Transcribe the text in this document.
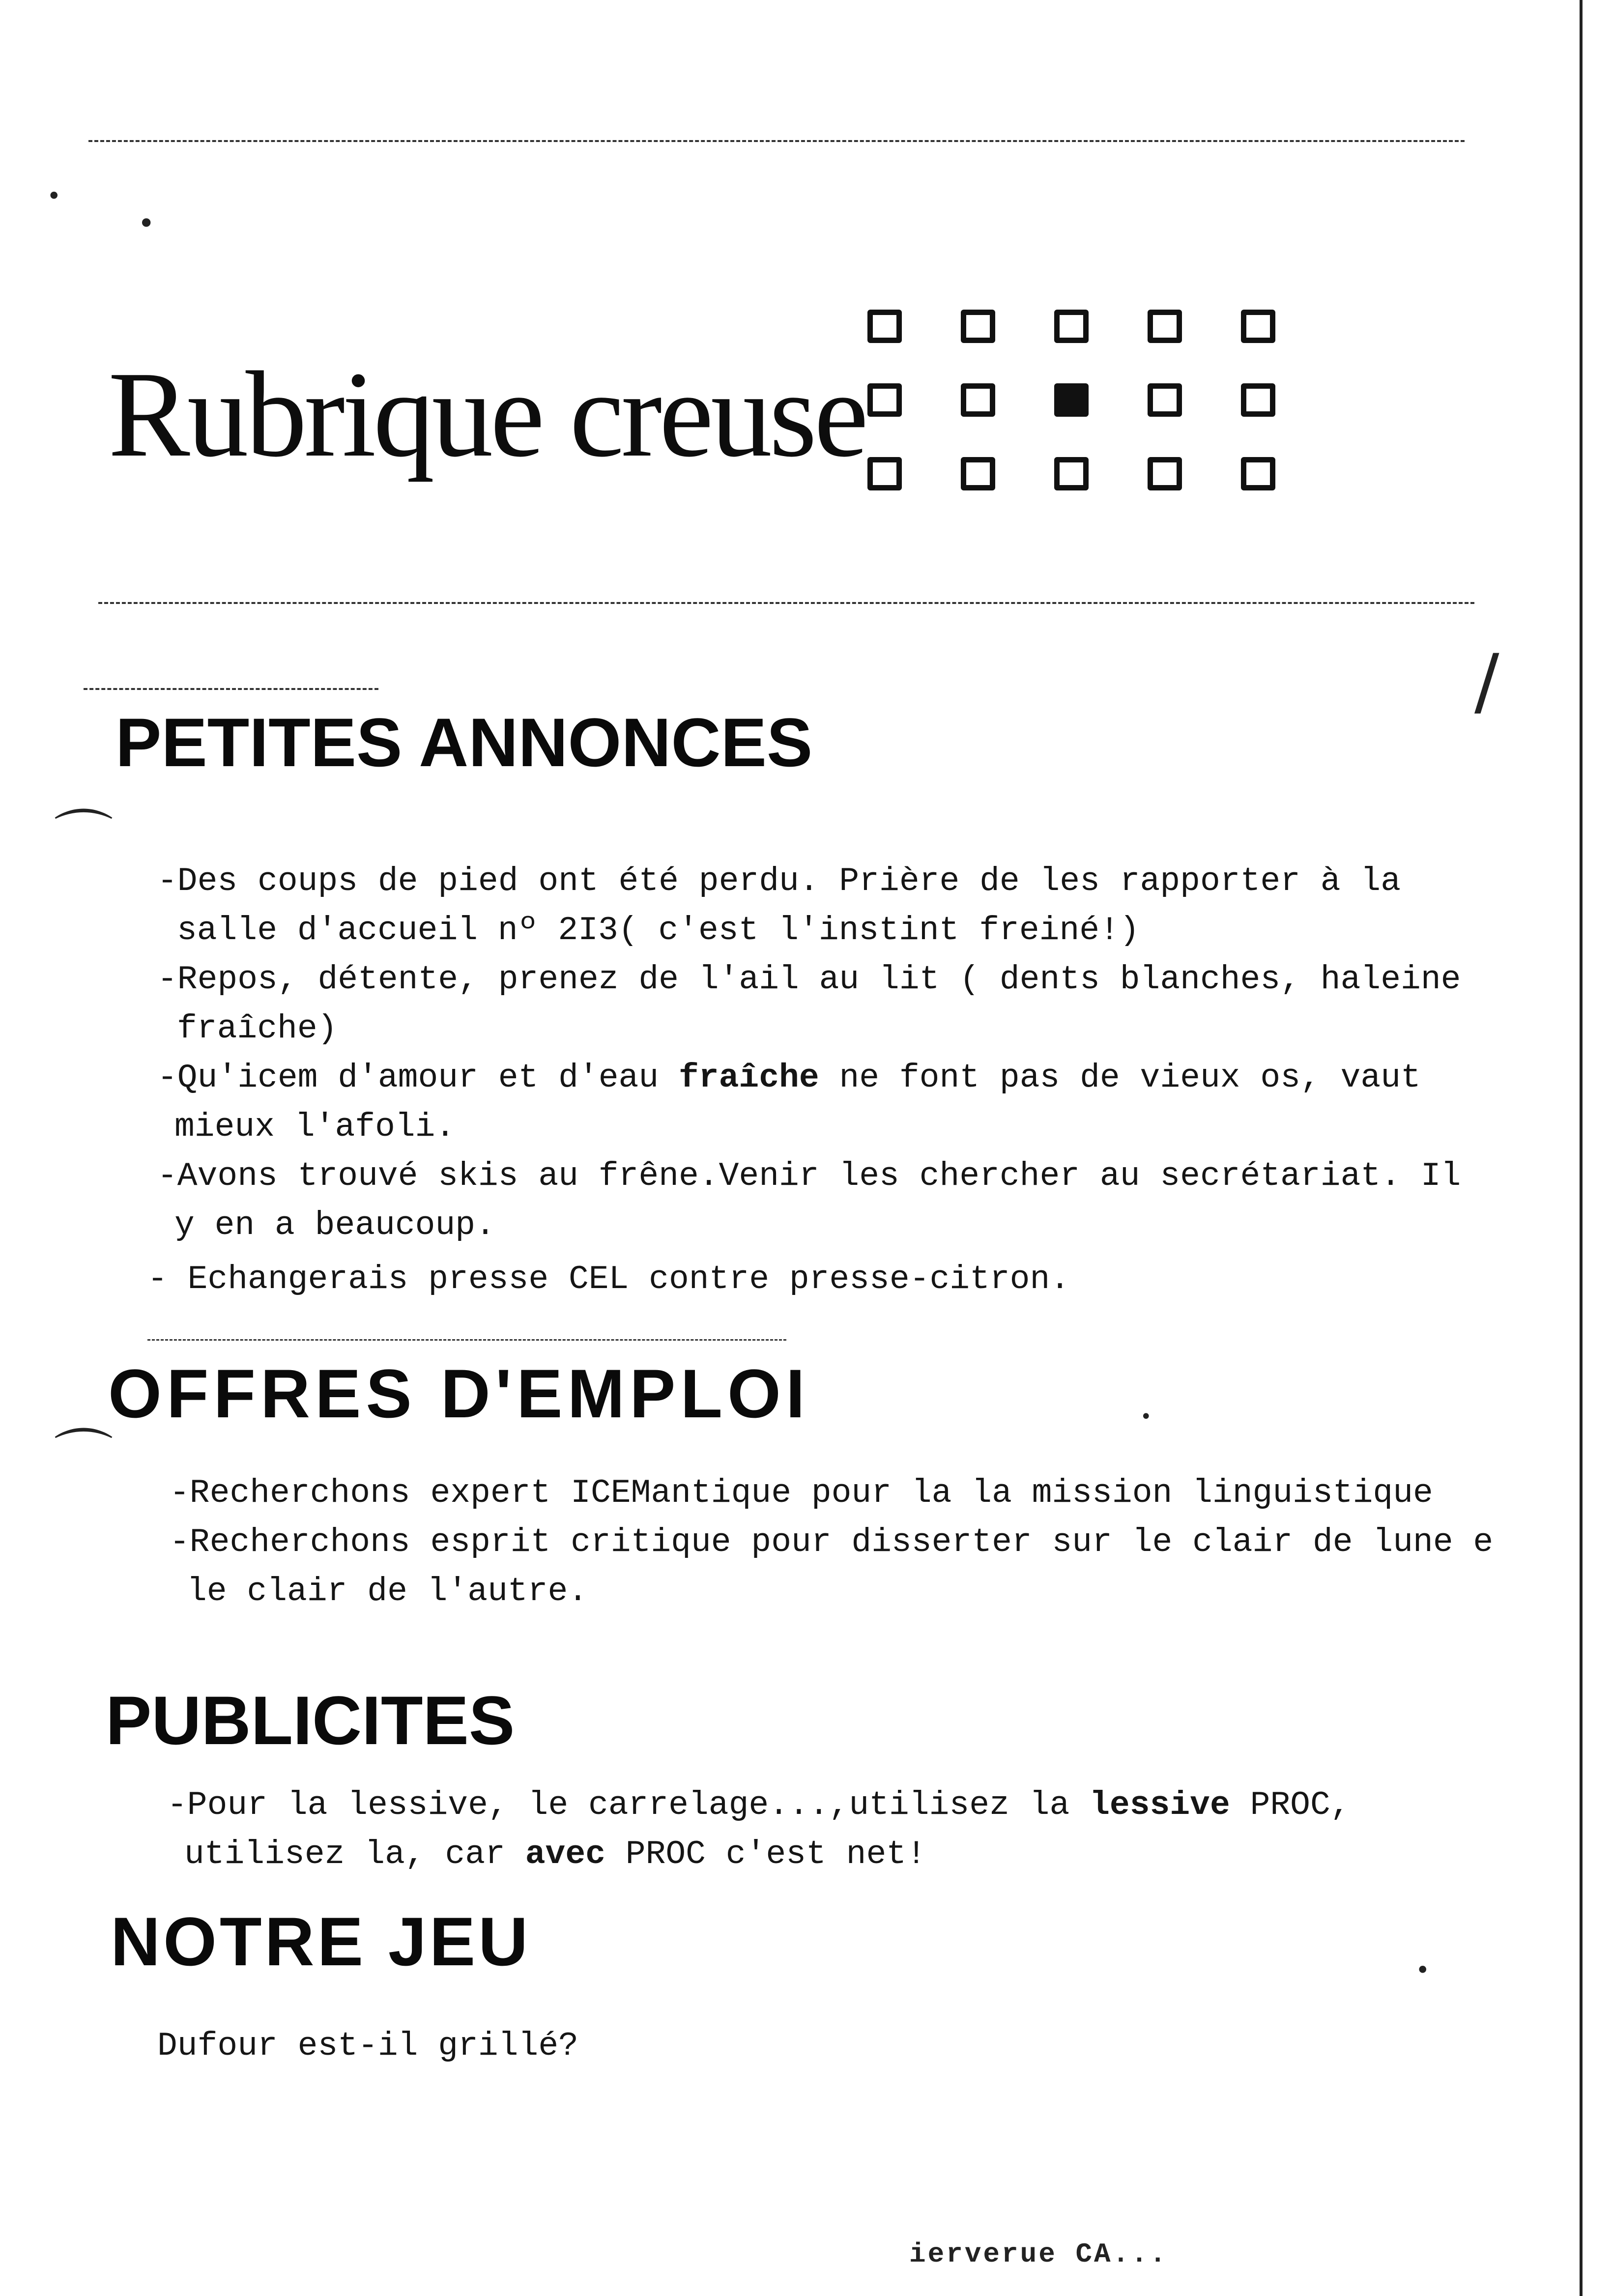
•
•
⌒
⌒
/
Rubrique creuse
PETITES ANNONCES
-Des coups de pied ont été perdu. Prière de les rapporter à la
salle d'accueil nº 2I3( c'est l'instint freiné!)
-Repos, détente, prenez de l'ail au lit ( dents blanches, haleine
fraîche)
-Qu'icem d'amour et d'eau fraîche ne font pas de vieux os, vaut
mieux l'afoli.
-Avons trouvé skis au frêne.Venir les chercher au secrétariat. Il
y en a beaucoup.
- Echangerais presse CEL contre presse-citron.
OFFRES D'EMPLOI	•
-Recherchons expert ICEMantique pour la la mission linguistique
-Recherchons esprit critique pour disserter sur le clair de lune e
le clair de l'autre.
PUBLICITES
-Pour la lessive, le carrelage...,utilisez la lessive PROC,
utilisez la, car avec PROC c'est net!
NOTRE JEU	•
Dufour est-il grillé?
ierverue CA...
